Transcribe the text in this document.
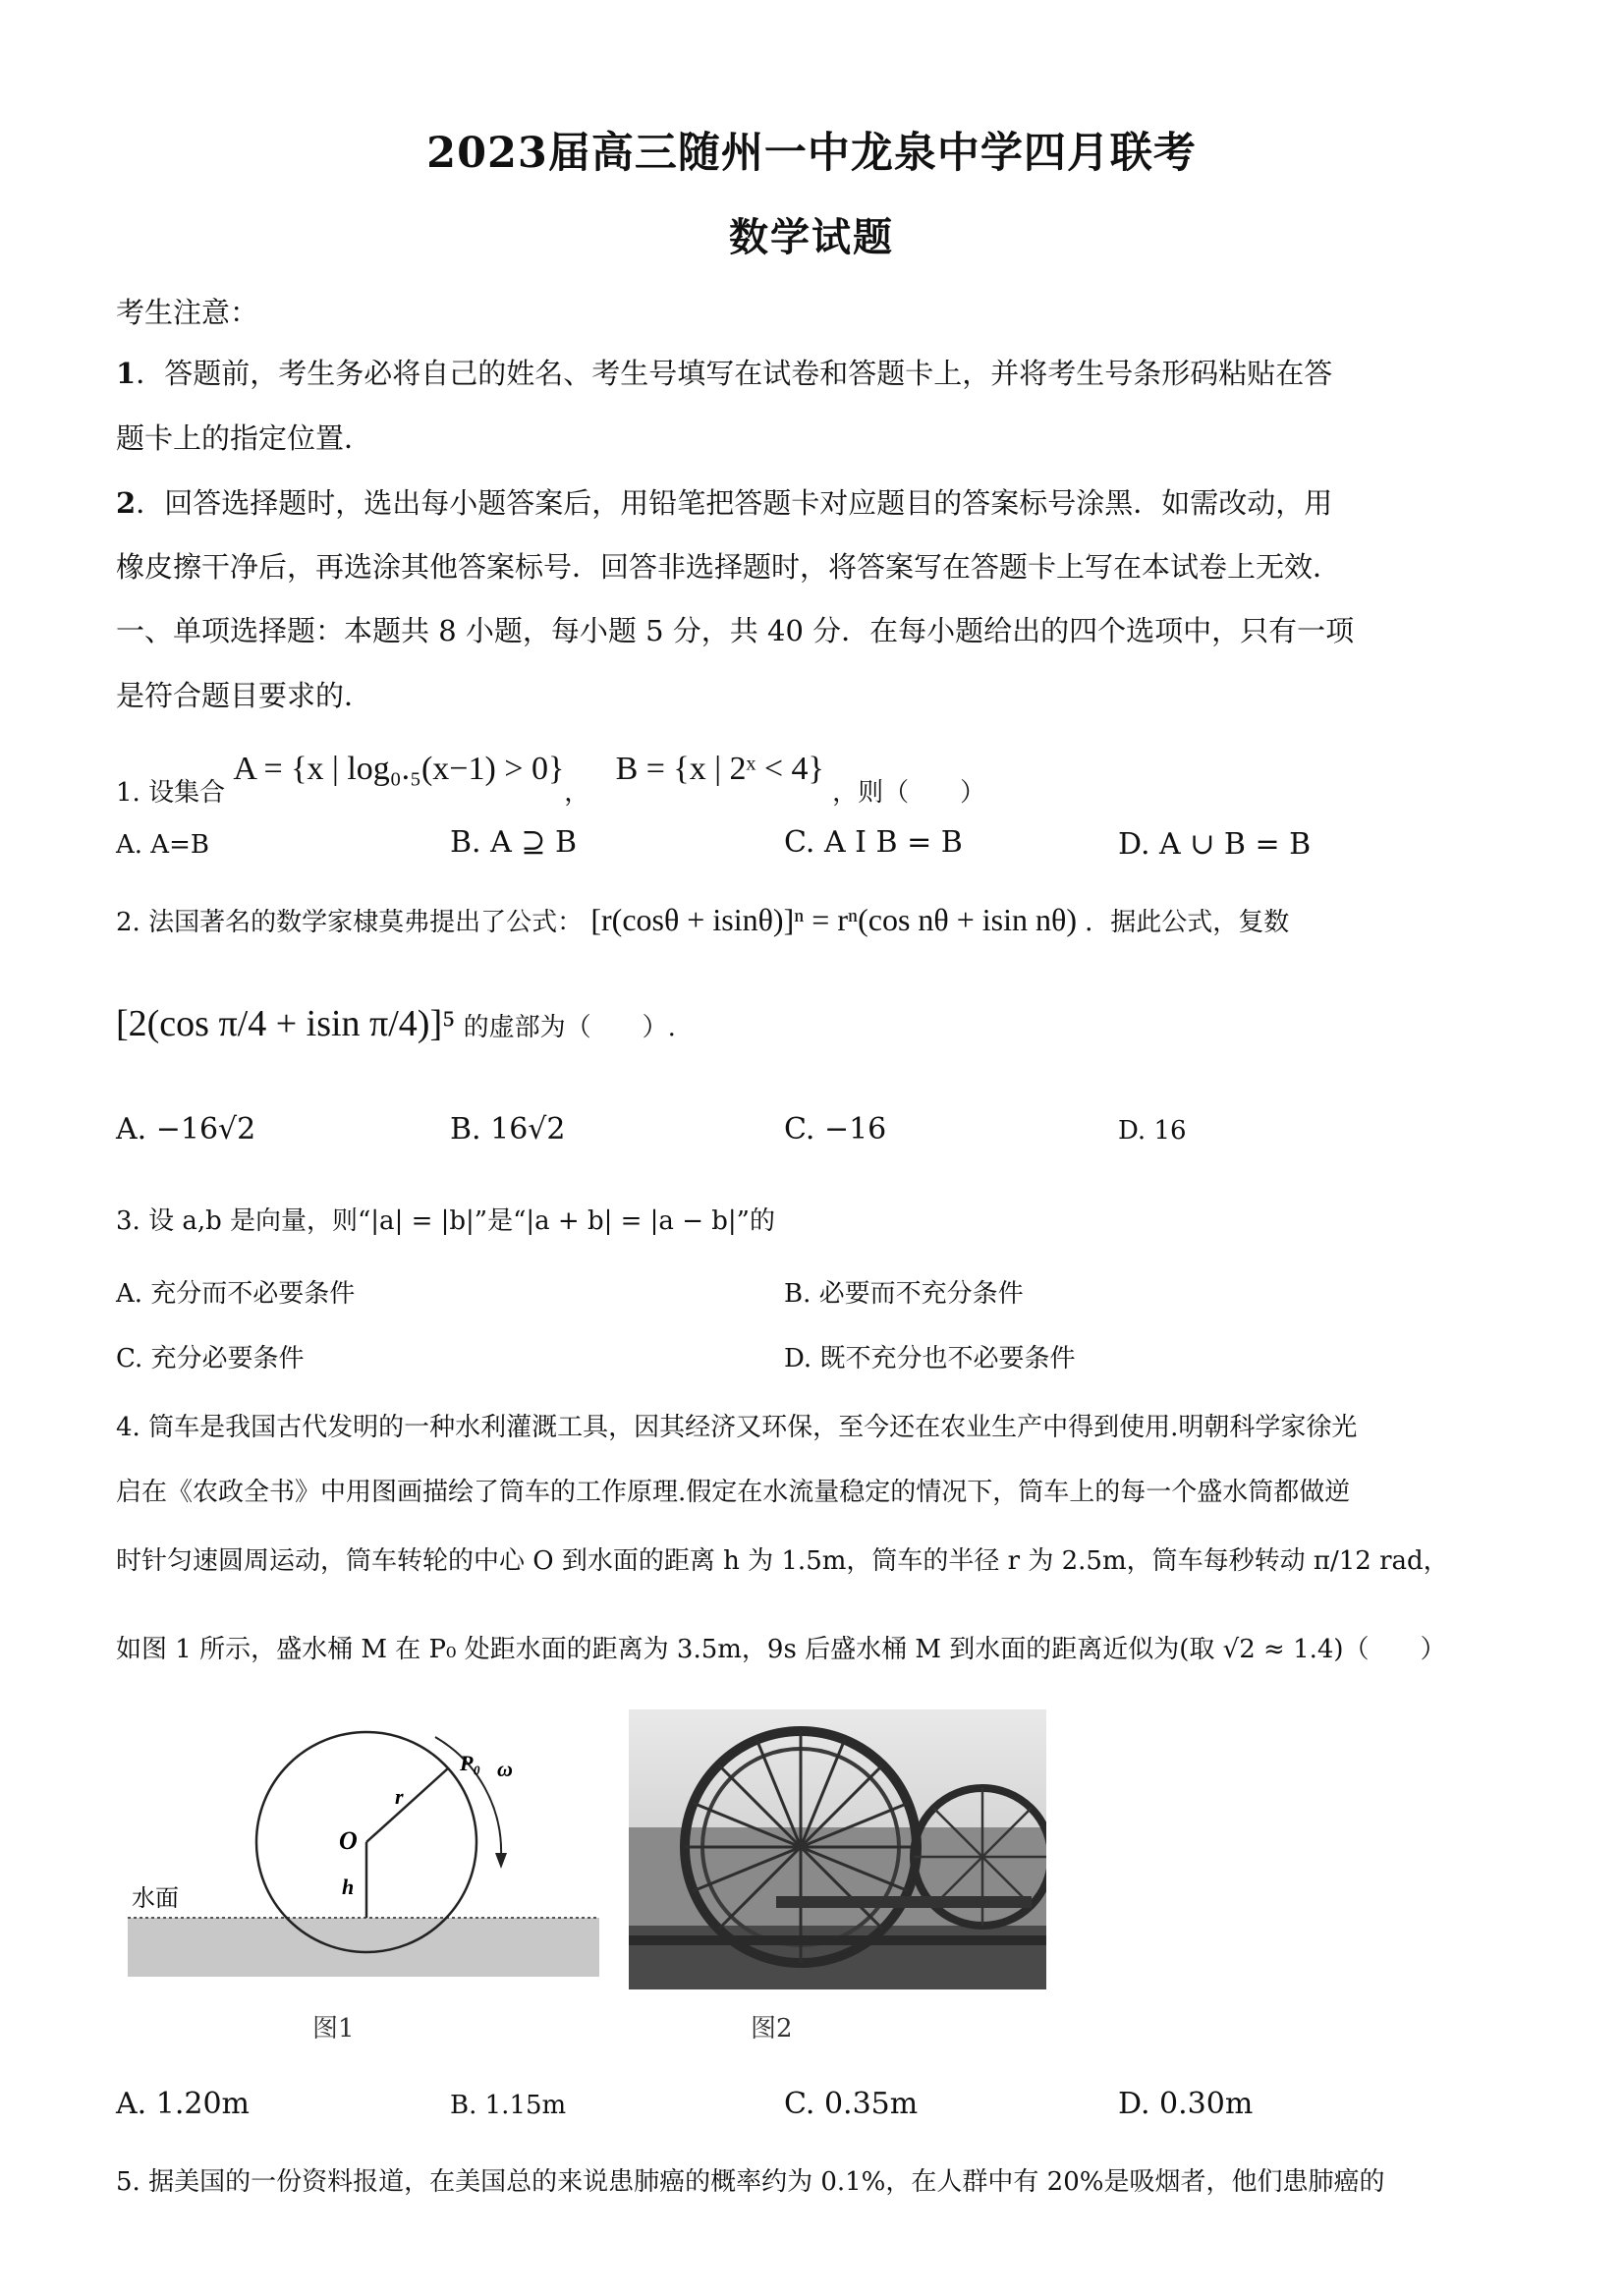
2023届高三随州一中龙泉中学四月联考
数学试题
考生注意：
1．答题前，考生务必将自己的姓名、考生号填写在试卷和答题卡上，并将考生号条形码粘贴在答
题卡上的指定位置．
2．回答选择题时，选出每小题答案后，用铅笔把答题卡对应题目的答案标号涂黑．如需改动，用
橡皮擦干净后，再选涂其他答案标号．回答非选择题时，将答案写在答题卡上写在本试卷上无效．
一、单项选择题：本题共 8 小题，每小题 5 分，共 40 分．在每小题给出的四个选项中，只有一项
是符合题目要求的．
1. 设集合 A = {x | log₀.₅(x−1) > 0}， B = {x | 2ˣ < 4} ，则（　　）
A. A=B	B. A ⊇ B	C. A I B = B	D. A ∪ B = B
2. 法国著名的数学家棣莫弗提出了公式： [r(cosθ + isinθ)]ⁿ = rⁿ(cos nθ + isin nθ) ．据此公式，复数
[2(cos π/4 + isin π/4)]⁵ 的虚部为（　　）.
A. −16√2	B. 16√2	C. −16	D. 16
3. 设 a,b 是向量，则“|a| = |b|”是“|a + b| = |a − b|”的
A. 充分而不必要条件	B. 必要而不充分条件
C. 充分必要条件	D. 既不充分也不必要条件
4. 筒车是我国古代发明的一种水利灌溉工具，因其经济又环保，至今还在农业生产中得到使用.明朝科学家徐光
启在《农政全书》中用图画描绘了筒车的工作原理.假定在水流量稳定的情况下，筒车上的每一个盛水筒都做逆
时针匀速圆周运动，筒车转轮的中心 O 到水面的距离 h 为 1.5m，筒车的半径 r 为 2.5m，筒车每秒转动 π/12 rad，
如图 1 所示，盛水桶 M 在 P₀ 处距水面的距离为 3.5m，9s 后盛水桶 M 到水面的距离近似为(取 √2 ≈ 1.4)（　　）
O
h
r
P₀ ω
水面
图1	图2
A. 1.20m	B. 1.15m	C. 0.35m	D. 0.30m
5. 据美国的一份资料报道，在美国总的来说患肺癌的概率约为 0.1%，在人群中有 20%是吸烟者，他们患肺癌的
